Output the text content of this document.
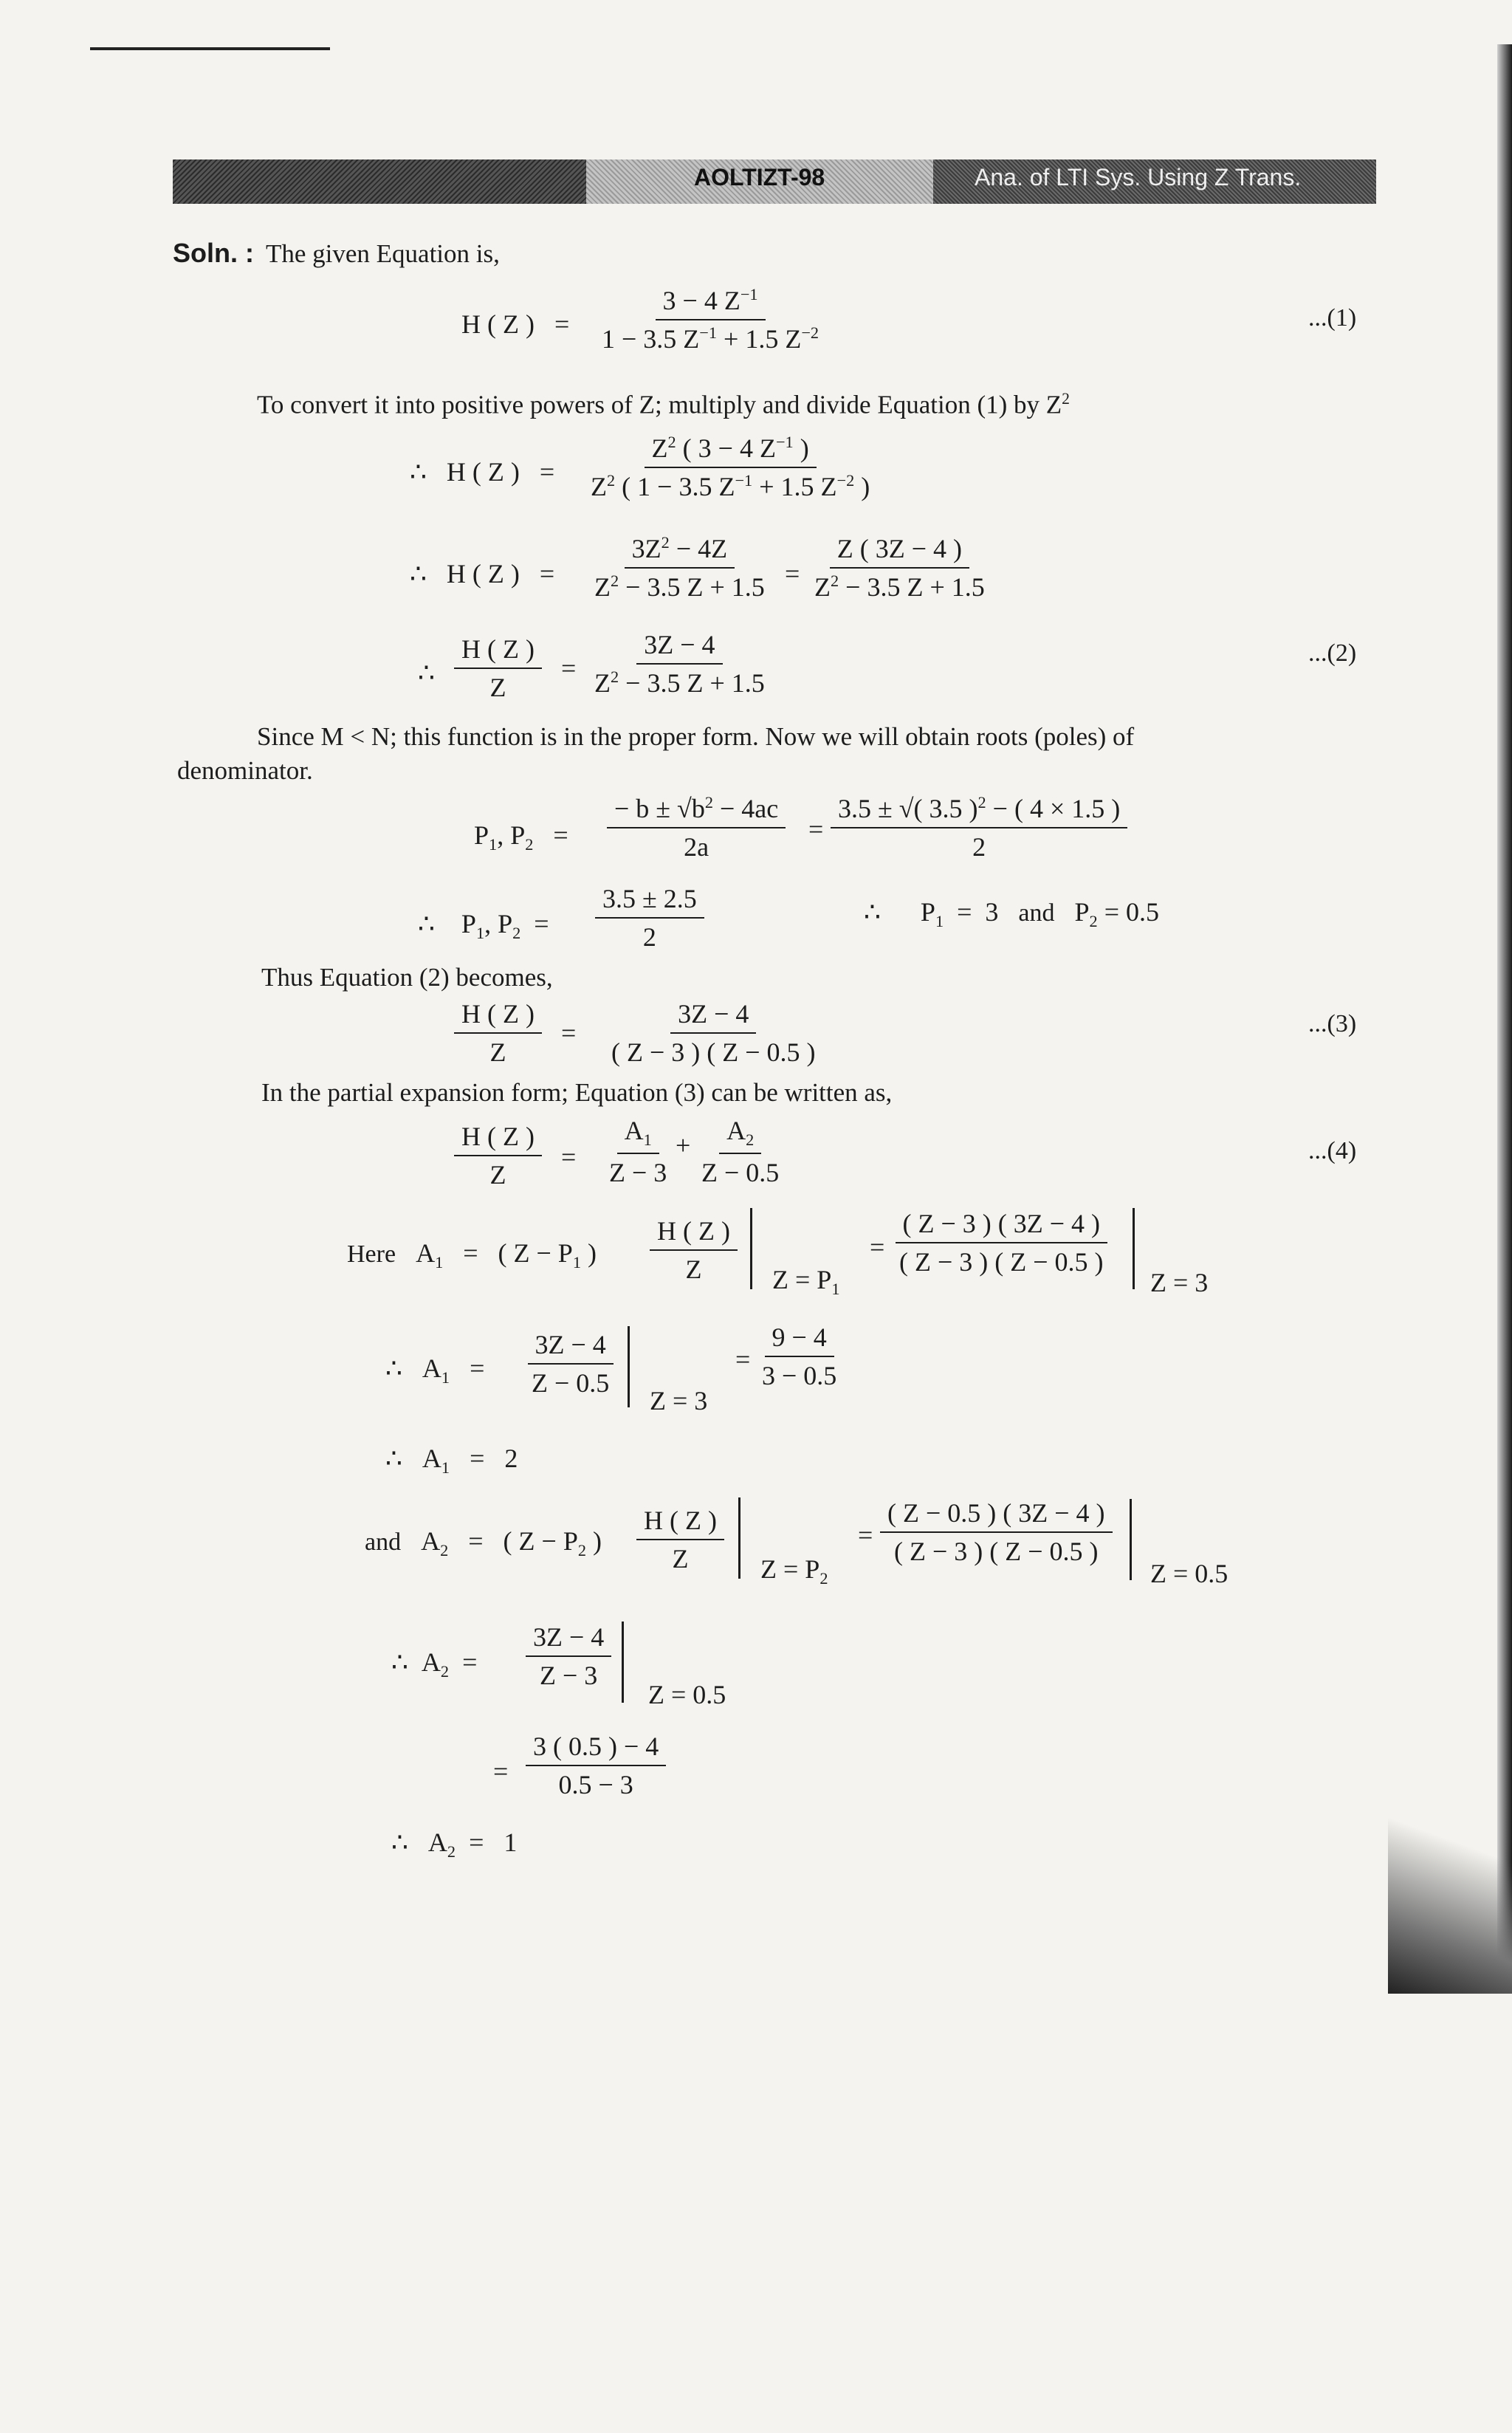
AOLTIZT-98	Ana. of LTI Sys. Using Z Trans.
Soln. : The given Equation is,
H ( Z )   =
3 − 4 $Z^{-1}$
1 − 3.5 $Z^{-1} + 1.5$ $Z^{-2}$
...(1)
To convert it into positive powers of Z; multiply and divide Equation (1) by $Z^2$
∴   H ( Z )   =
$Z^2$ ( 3 − 4 $Z^{-1}$ )
$Z^2$ ( 1 − 3.5 $Z^{-1} + 1.5$ $Z^{-2}$ )
∴   H ( Z )   =
$3Z^2 - 4Z$
$Z^2 - 3.5$ Z + 1.5 =
Z ( 3Z − 4 )
$Z^2 - 3.5$ Z + 1.5
∴
H ( Z )
Z
=
3Z − 4
$Z^2 - 3.5$ Z + 1.5
...(2)
Since M < N; this function is in the proper form. Now we will obtain roots (poles) of
denominator.
$P_1$, $P_2$   =
− $b \pm √b^2 - 4ac$
2a
=
3.5 ± √( 3.5 )$^2$ − ( 4 × 1.5 )
2
∴    $P_1$, $P_2$  =
3.5 ± 2.5
2
∴      $P_1 = 3$ and   $P_2 = 0.5$
Thus Equation (2) becomes,
H ( Z )
Z
=
3Z − 4
( Z − 3 ) ( Z − 0.5 )
...(3)
In the partial expansion form; Equation (3) can be written as,
H ( Z )
Z
=
$A_1$
Z − 3
+ $A_2$
Z − 0.5
...(4)
Here   $A_1$   =   ( $Z - P_1$ )
H ( Z )
Z	$Z = P_1$
=
( Z − 3 ) ( 3Z − 4 )
( Z − 3 ) ( Z − 0.5 )
Z = 3
∴   $A_1$   =
3Z − 4
Z − 0.5
Z = 3
=
9 − 4
3 − 0.5
∴   $A_1 = 2$
and   $A_2$   =   ( $Z - P_2$ )
H ( Z )
Z	$Z = P_2$
=
( Z − 0.5 ) ( 3Z − 4 )
( Z − 3 ) ( Z − 0.5 )
Z = 0.5
∴  $A_2$  =
3Z − 4
Z − 3
Z = 0.5
=
3 ( 0.5 ) − 4
0.5 − 3
∴   $A_2 = 1$
